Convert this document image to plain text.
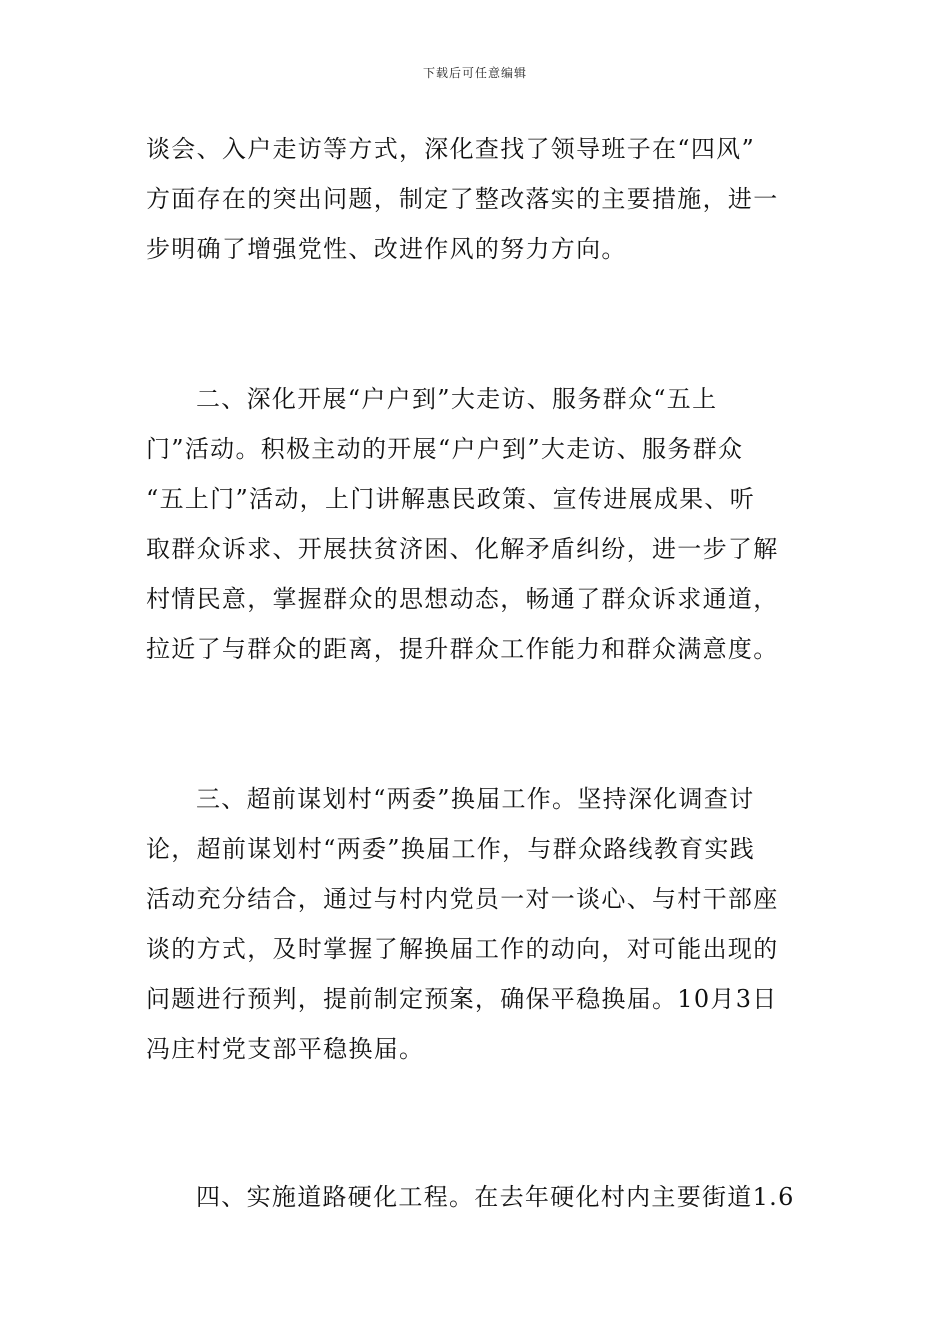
下载后可任意编辑
谈会、入户走访等方式，深化查找了领导班子在“四风”
方面存在的突出问题，制定了整改落实的主要措施，进一
步明确了增强党性、改进作风的努力方向。
二、深化开展“户户到”大走访、服务群众“五上
门”活动。积极主动的开展“户户到”大走访、服务群众
“五上门”活动，上门讲解惠民政策、宣传进展成果、听
取群众诉求、开展扶贫济困、化解矛盾纠纷，进一步了解
村情民意，掌握群众的思想动态，畅通了群众诉求通道，
拉近了与群众的距离，提升群众工作能力和群众满意度。
三、超前谋划村“两委”换届工作。坚持深化调查讨
论，超前谋划村“两委”换届工作，与群众路线教育实践
活动充分结合，通过与村内党员一对一谈心、与村干部座
谈的方式，及时掌握了解换届工作的动向，对可能出现的
问题进行预判，提前制定预案，确保平稳换届。10月3日
冯庄村党支部平稳换届。
四、实施道路硬化工程。在去年硬化村内主要街道1.6
